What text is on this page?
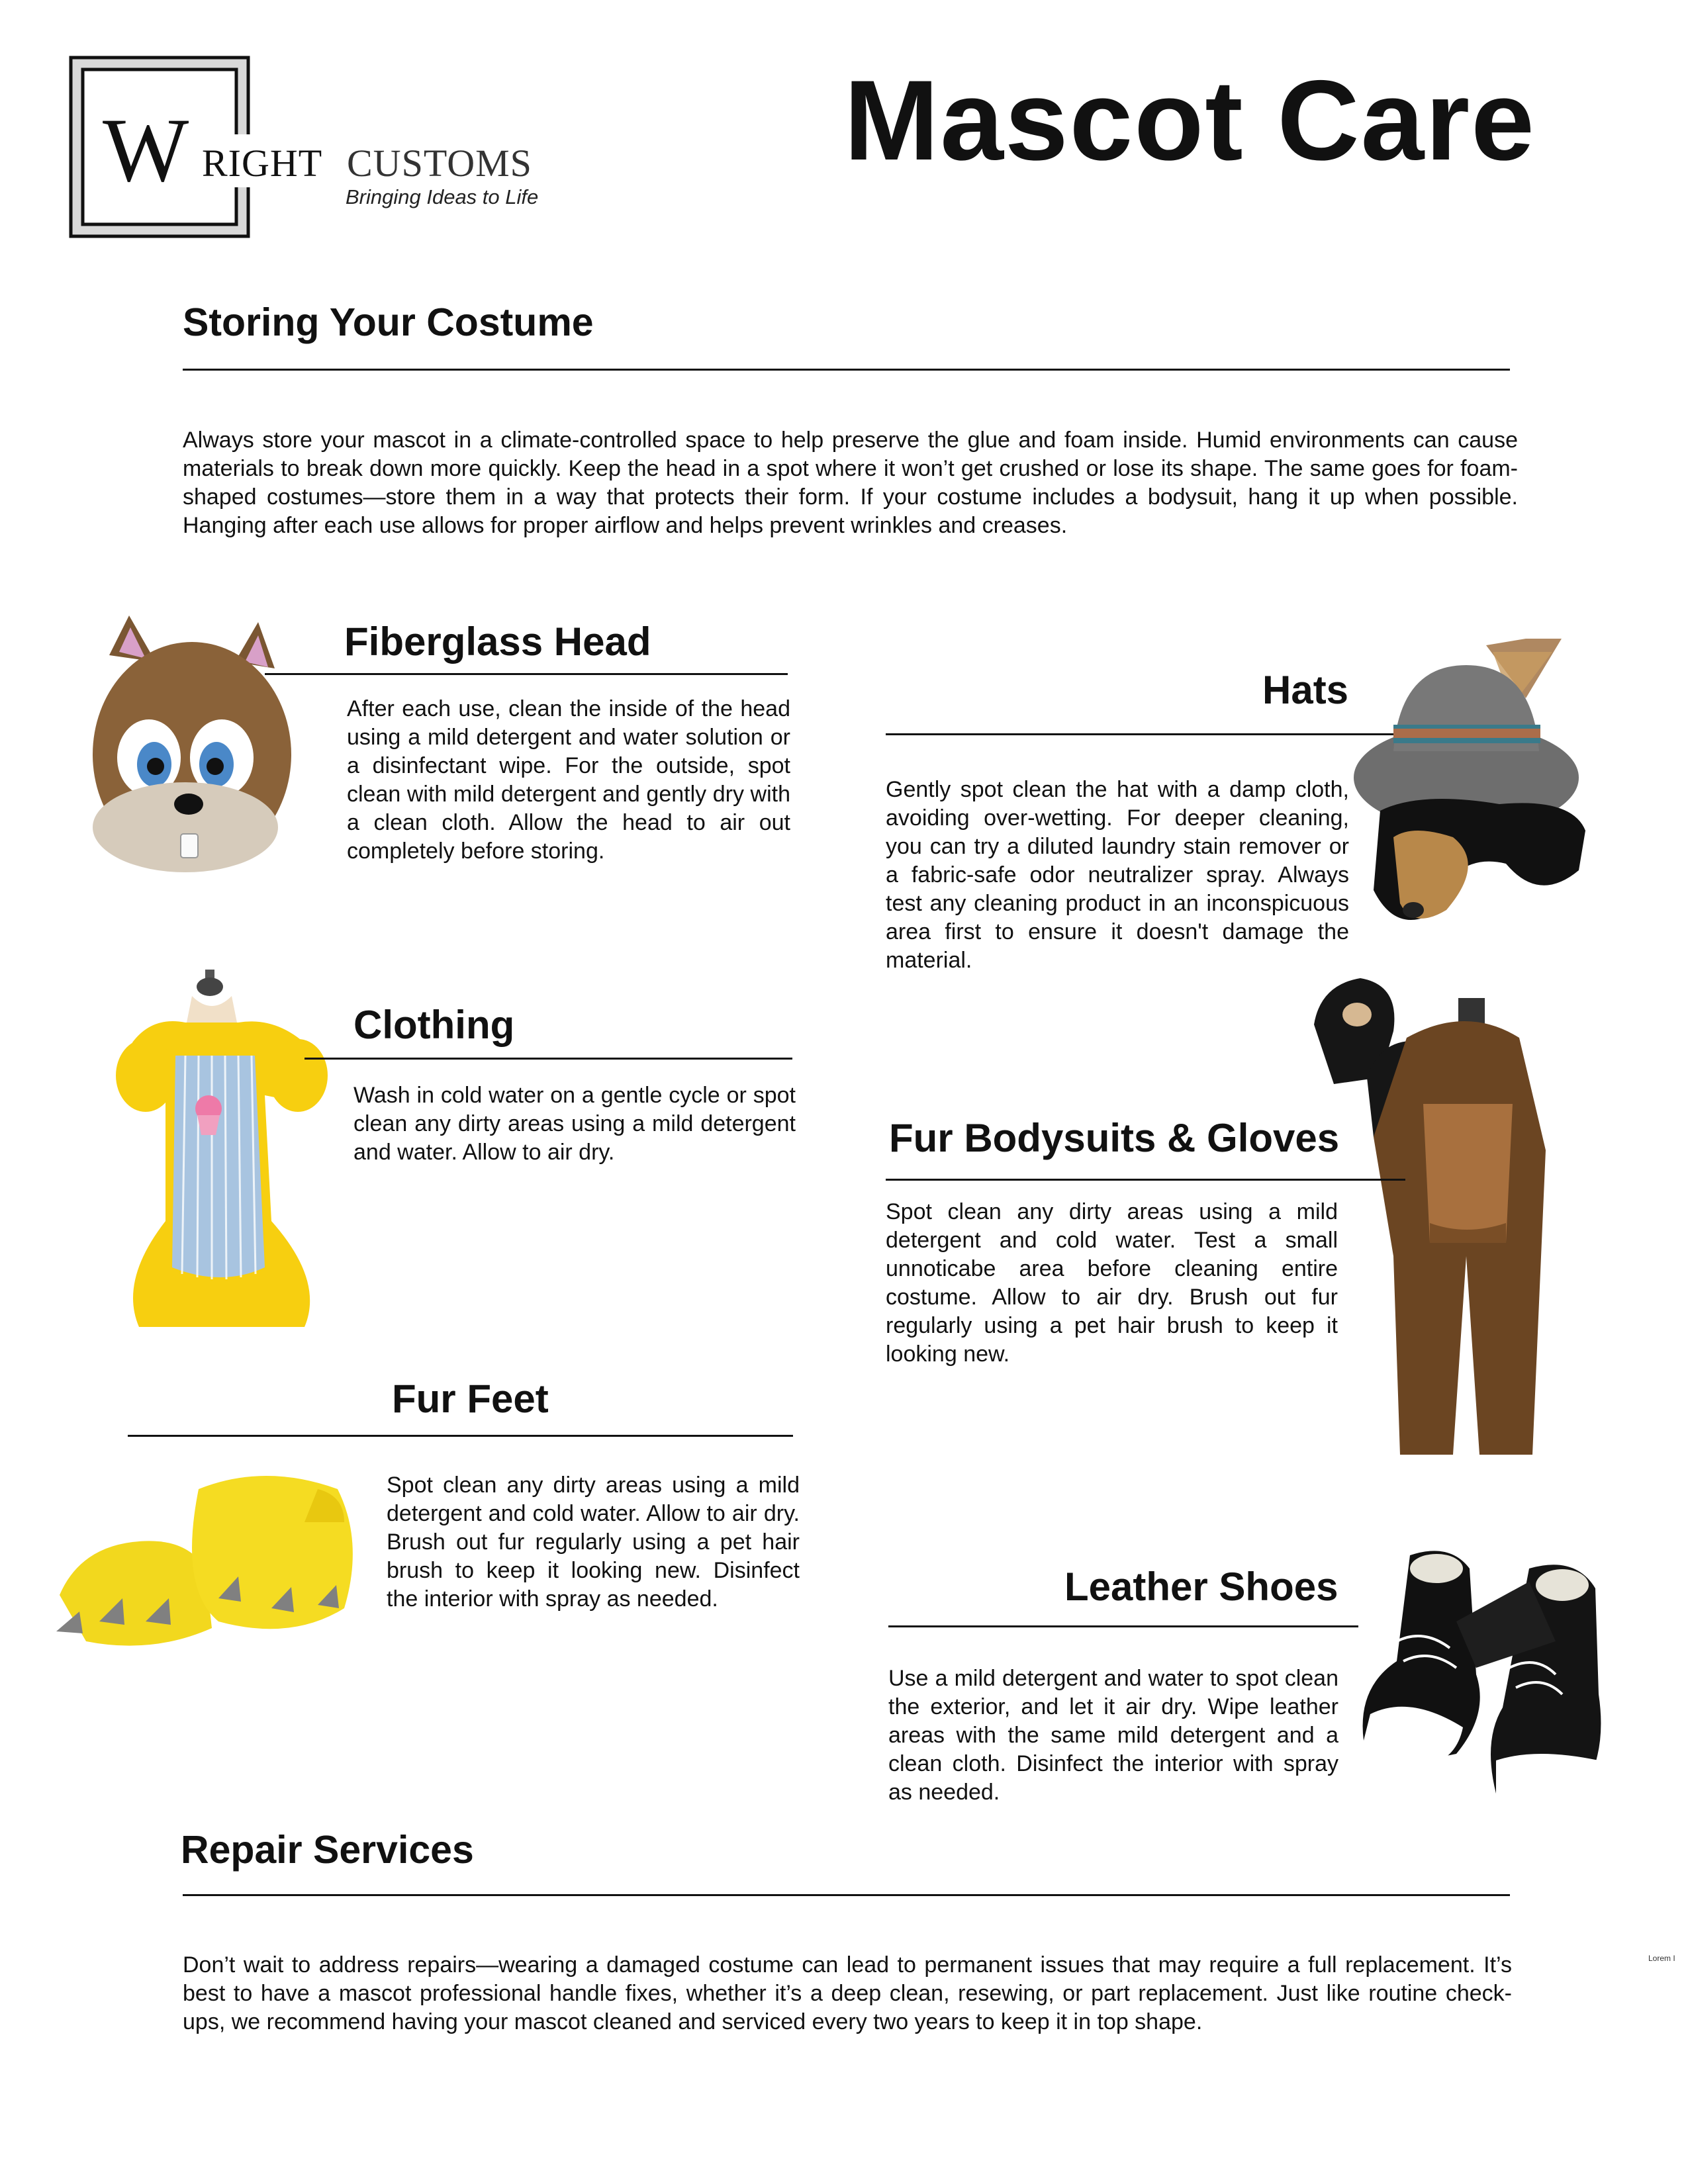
W RIGHT CUSTOMS
Bringing Ideas to Life
Mascot Care
Storing Your Costume
Always store your mascot in a climate-controlled space to help preserve the glue and foam inside. Humid environments can cause materials to break down more quickly. Keep the head in a spot where it won’t get crushed or lose its shape. The same goes for foam-shaped costumes—store them in a way that protects their form. If your costume includes a bodysuit, hang it up when possible. Hanging after each use allows for proper airflow and helps prevent wrinkles and creases.
Fiberglass Head
After each use, clean the inside of the head using a mild detergent and water solution or a disinfectant wipe. For the outside, spot clean with mild detergent and gently dry with a clean cloth. Allow the head to air out completely before storing.
Hats
Gently spot clean the hat with a damp cloth, avoiding over-wetting. For deeper cleaning, you can try a diluted laundry stain remover or a fabric-safe odor neutralizer spray. Always test any cleaning product in an inconspicuous area first to ensure it doesn't damage the material.
Clothing
Wash in cold water on a gentle cycle or spot clean any dirty areas using a mild detergent and water. Allow to air dry.	Fur Bodysuits & Gloves
Spot clean any dirty areas using a mild detergent and cold water. Test a small unnoticabe area before cleaning entire costume. Allow to air dry. Brush out fur regularly using a pet hair brush to keep it looking new.
Fur Feet
Spot clean any dirty areas using a mild detergent and cold water. Allow to air dry. Brush out fur regularly using a pet hair brush to keep it looking new. Disinfect the interior with spray as needed.	Leather Shoes
Use a mild detergent and water to spot clean the exterior, and let it air dry. Wipe leather areas with the same mild detergent and a clean cloth. Disinfect the interior with spray as needed.
Repair Services
Don’t wait to address repairs—wearing a damaged costume can lead to permanent issues that may require a full replacement. It’s best to have a mascot professional handle fixes, whether it’s a deep clean, resewing, or part replacement. Just like routine check-ups, we recommend having your mascot cleaned and serviced every two years to keep it in top shape.
Lorem I
